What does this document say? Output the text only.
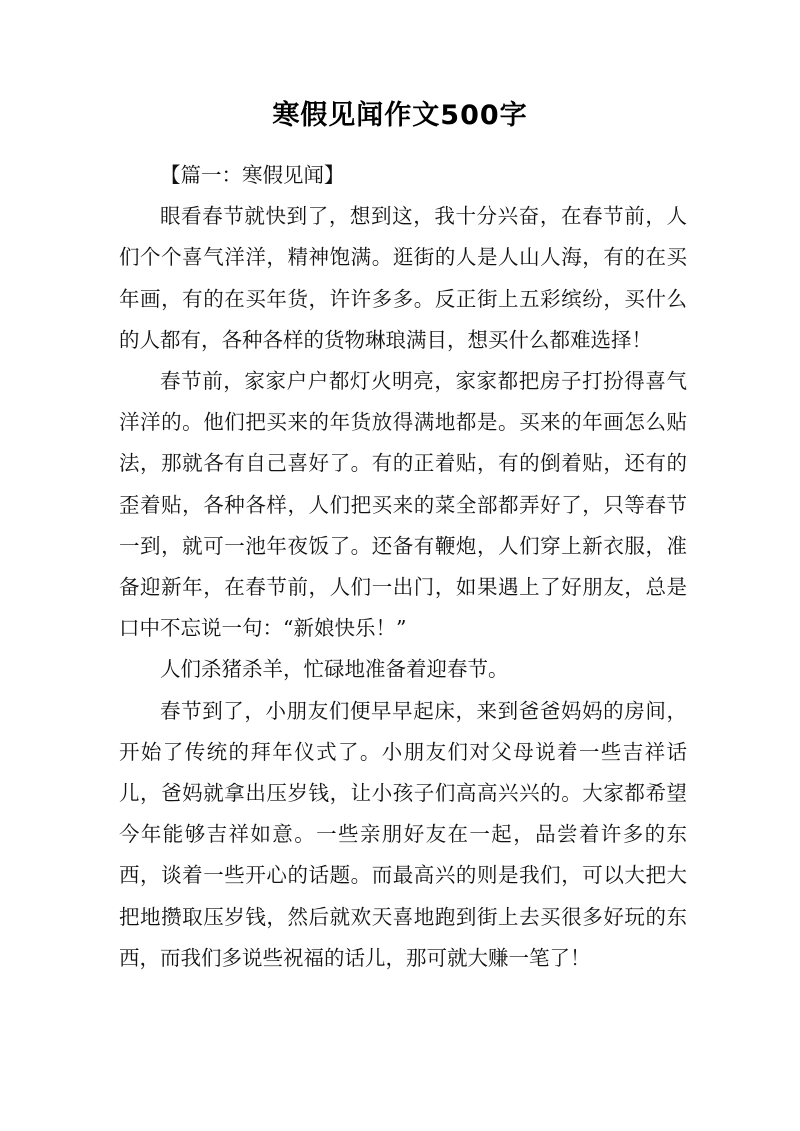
寒假见闻作文500字

【篇一：寒假见闻】

眼看春节就快到了，想到这，我十分兴奋，在春节前，人们个个喜气洋洋，精神饱满。逛街的人是人山人海，有的在买年画，有的在买年货，许许多多。反正街上五彩缤纷，买什么的人都有，各种各样的货物琳琅满目，想买什么都难选择！

春节前，家家户户都灯火明亮，家家都把房子打扮得喜气洋洋的。他们把买来的年货放得满地都是。买来的年画怎么贴法，那就各有自己喜好了。有的正着贴，有的倒着贴，还有的歪着贴，各种各样，人们把买来的菜全部都弄好了，只等春节一到，就可一池年夜饭了。还备有鞭炮，人们穿上新衣服，准备迎新年，在春节前，人们一出门，如果遇上了好朋友，总是口中不忘说一句：“新娘快乐！”

人们杀猪杀羊，忙碌地准备着迎春节。

春节到了，小朋友们便早早起床，来到爸爸妈妈的房间，开始了传统的拜年仪式了。小朋友们对父母说着一些吉祥话儿，爸妈就拿出压岁钱，让小孩子们高高兴兴的。大家都希望今年能够吉祥如意。一些亲朋好友在一起，品尝着许多的东西，谈着一些开心的话题。而最高兴的则是我们，可以大把大把地攒取压岁钱，然后就欢天喜地跑到街上去买很多好玩的东西，而我们多说些祝福的话儿，那可就大赚一笔了！
